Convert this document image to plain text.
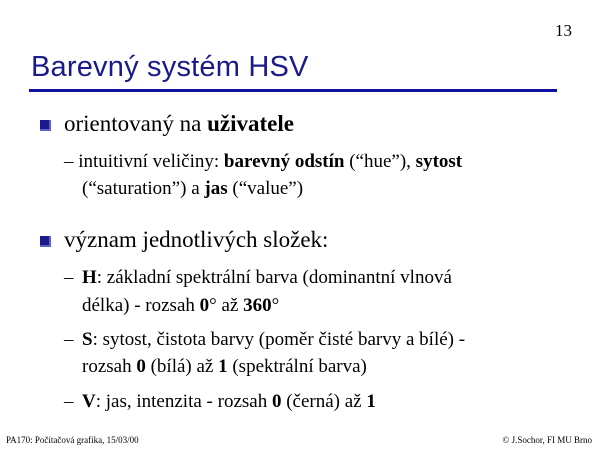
13
Barevný systém HSV
orientovaný na uživatele
– intuitivní veličiny: barevný odstín (“hue”), sytost
(“saturation”) a jas (“value”)
význam jednotlivých složek:
– H: základní spektrální barva (dominantní vlnová
délka) - rozsah 0° až 360°
– S: sytost, čistota barvy (poměr čisté barvy a bílé) -
rozsah 0 (bílá) až 1 (spektrální barva)
– V: jas, intenzita - rozsah 0 (černá) až 1
PA170: Počítačová grafika, 15/03/00	© J.Sochor, FI MU Brno
